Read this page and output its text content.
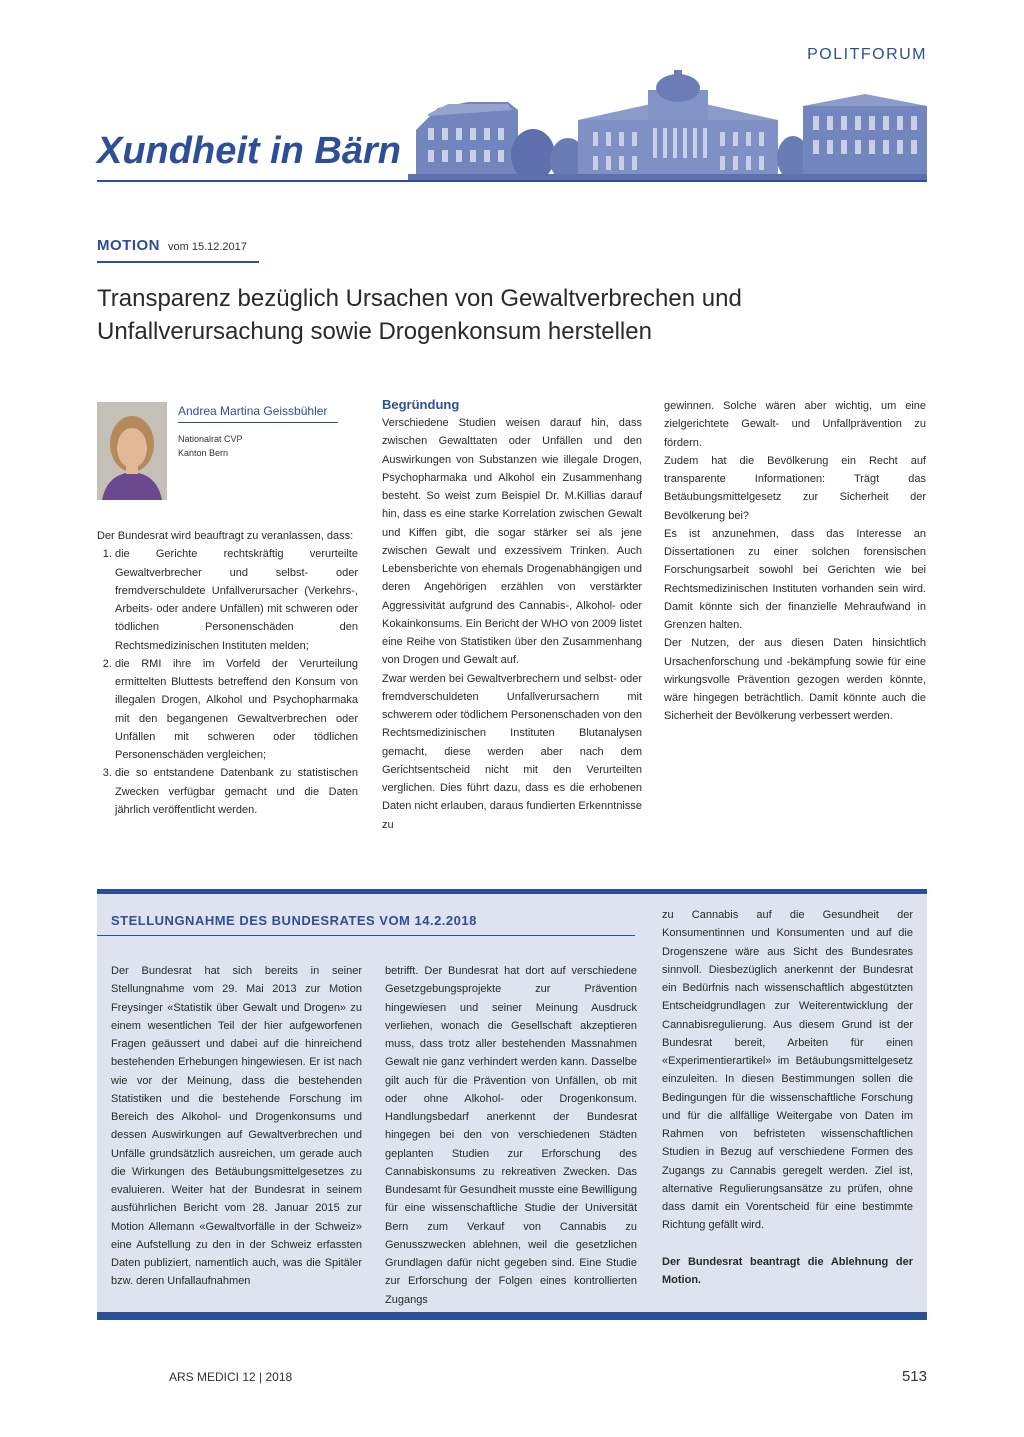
POLITFORUM
Xundheit in Bärn
MOTION vom 15.12.2017
Transparenz bezüglich Ursachen von Gewaltverbrechen und Unfallverursachung sowie Drogenkonsum herstellen
Andrea Martina Geissbühler
Nationalrat CVP
Kanton Bern

Der Bundesrat wird beauftragt zu veranlassen, dass:

1. die Gerichte rechtskräftig verurteilte Gewaltverbrecher und selbst- oder fremdverschuldete Unfallverursacher (Verkehrs-, Arbeits- oder andere Unfällen) mit schweren oder tödlichen Personenschäden den Rechtsmedizinischen Instituten melden;
2. die RMI ihre im Vorfeld der Verurteilung ermittelten Bluttests betreffend den Konsum von illegalen Drogen, Alkohol und Psychopharmaka mit den begangenen Gewaltverbrechen oder Unfällen mit schweren oder tödlichen Personenschäden vergleichen;
3. die so entstandene Datenbank zu statistischen Zwecken verfügbar gemacht und die Daten jährlich veröffentlicht werden.

Begründung

Verschiedene Studien weisen darauf hin, dass zwischen Gewalttaten oder Unfällen und den Auswirkungen von Substanzen wie illegale Drogen, Psychopharmaka und Alkohol ein Zusammenhang besteht. So weist zum Beispiel Dr. M.Killias darauf hin, dass es eine starke Korrelation zwischen Gewalt und Kiffen gibt, die sogar stärker sei als jene zwischen Gewalt und exzessivem Trinken. Auch Lebensberichte von ehemals Drogenabhängigen und deren Angehörigen erzählen von verstärkter Aggressivität aufgrund des Cannabis-, Alkohol- oder Kokainkonsums. Ein Bericht der WHO von 2009 listet eine Reihe von Statistiken über den Zusammenhang von Drogen und Gewalt auf.

Zwar werden bei Gewaltverbrechern und selbst- oder fremdverschuldeten Unfallverursachern mit schwerem oder tödlichem Personenschaden von den Rechtsmedizinischen Instituten Blutanalysen gemacht, diese werden aber nach dem Gerichtsentscheid nicht mit den Verurteilten verglichen. Dies führt dazu, dass es die erhobenen Daten nicht erlauben, daraus fundierten Erkenntnisse zu

gewinnen. Solche wären aber wichtig, um eine zielgerichtete Gewalt- und Unfallprävention zu fördern.

Zudem hat die Bevölkerung ein Recht auf transparente Informationen: Trägt das Betäubungsmittelgesetz zur Sicherheit der Bevölkerung bei?

Es ist anzunehmen, dass das Interesse an Dissertationen zu einer solchen forensischen Forschungsarbeit sowohl bei Gerichten wie bei Rechtsmedizinischen Instituten vorhanden sein wird. Damit könnte sich der finanzielle Mehraufwand in Grenzen halten.

Der Nutzen, der aus diesen Daten hinsichtlich Ursachenforschung und -bekämpfung sowie für eine wirkungsvolle Prävention gezogen werden könnte, wäre hingegen beträchtlich. Damit könnte auch die Sicherheit der Bevölkerung verbessert werden.

STELLUNGNAHME DES BUNDESRATES VOM 14.2.2018

Der Bundesrat hat sich bereits in seiner Stellungnahme vom 29. Mai 2013 zur Motion Freysinger «Statistik über Gewalt und Drogen» zu einem wesentlichen Teil der hier aufgeworfenen Fragen geäussert und dabei auf die hinreichend bestehenden Erhebungen hingewiesen. Er ist nach wie vor der Meinung, dass die bestehenden Statistiken und die bestehende Forschung im Bereich des Alkohol- und Drogenkonsums und dessen Auswirkungen auf Gewaltverbrechen und Unfälle grundsätzlich ausreichen, um gerade auch die Wirkungen des Betäubungsmittelgesetzes zu evaluieren. Weiter hat der Bundesrat in seinem ausführlichen Bericht vom 28. Januar 2015 zur Motion Allemann «Gewaltvorfälle in der Schweiz» eine Aufstellung zu den in der Schweiz erfassten Daten publiziert, namentlich auch, was die Spitäler bzw. deren Unfallaufnahmen

betrifft. Der Bundesrat hat dort auf verschiedene Gesetzgebungsprojekte zur Prävention hingewiesen und seiner Meinung Ausdruck verliehen, wonach die Gesellschaft akzeptieren muss, dass trotz aller bestehenden Massnahmen Gewalt nie ganz verhindert werden kann. Dasselbe gilt auch für die Prävention von Unfällen, ob mit oder ohne Alkohol- oder Drogenkonsum. Handlungsbedarf anerkennt der Bundesrat hingegen bei den von verschiedenen Städten geplanten Studien zur Erforschung des Cannabiskonsums zu rekreativen Zwecken. Das Bundesamt für Gesundheit musste eine Bewilligung für eine wissenschaftliche Studie der Universität Bern zum Verkauf von Cannabis zu Genusszwecken ablehnen, weil die gesetzlichen Grundlagen dafür nicht gegeben sind. Eine Studie zur Erforschung der Folgen eines kontrollierten Zugangs

zu Cannabis auf die Gesundheit der Konsumentinnen und Konsumenten und auf die Drogenszene wäre aus Sicht des Bundesrates sinnvoll. Diesbezüglich anerkennt der Bundesrat ein Bedürfnis nach wissenschaftlich abgestützten Entscheidgrundlagen zur Weiterentwicklung der Cannabisregulierung. Aus diesem Grund ist der Bundesrat bereit, Arbeiten für einen «Experimentierartikel» im Betäubungsmittelgesetz einzuleiten. In diesen Bestimmungen sollen die Bedingungen für die wissenschaftliche Forschung und für die allfällige Weitergabe von Daten im Rahmen von befristeten wissenschaftlichen Studien in Bezug auf verschiedene Formen des Zugangs zu Cannabis geregelt werden. Ziel ist, alternative Regulierungsansätze zu prüfen, ohne dass damit ein Vorentscheid für eine bestimmte Richtung gefällt wird.

Der Bundesrat beantragt die Ablehnung der Motion.

ARS MEDICI 12 | 2018	513
